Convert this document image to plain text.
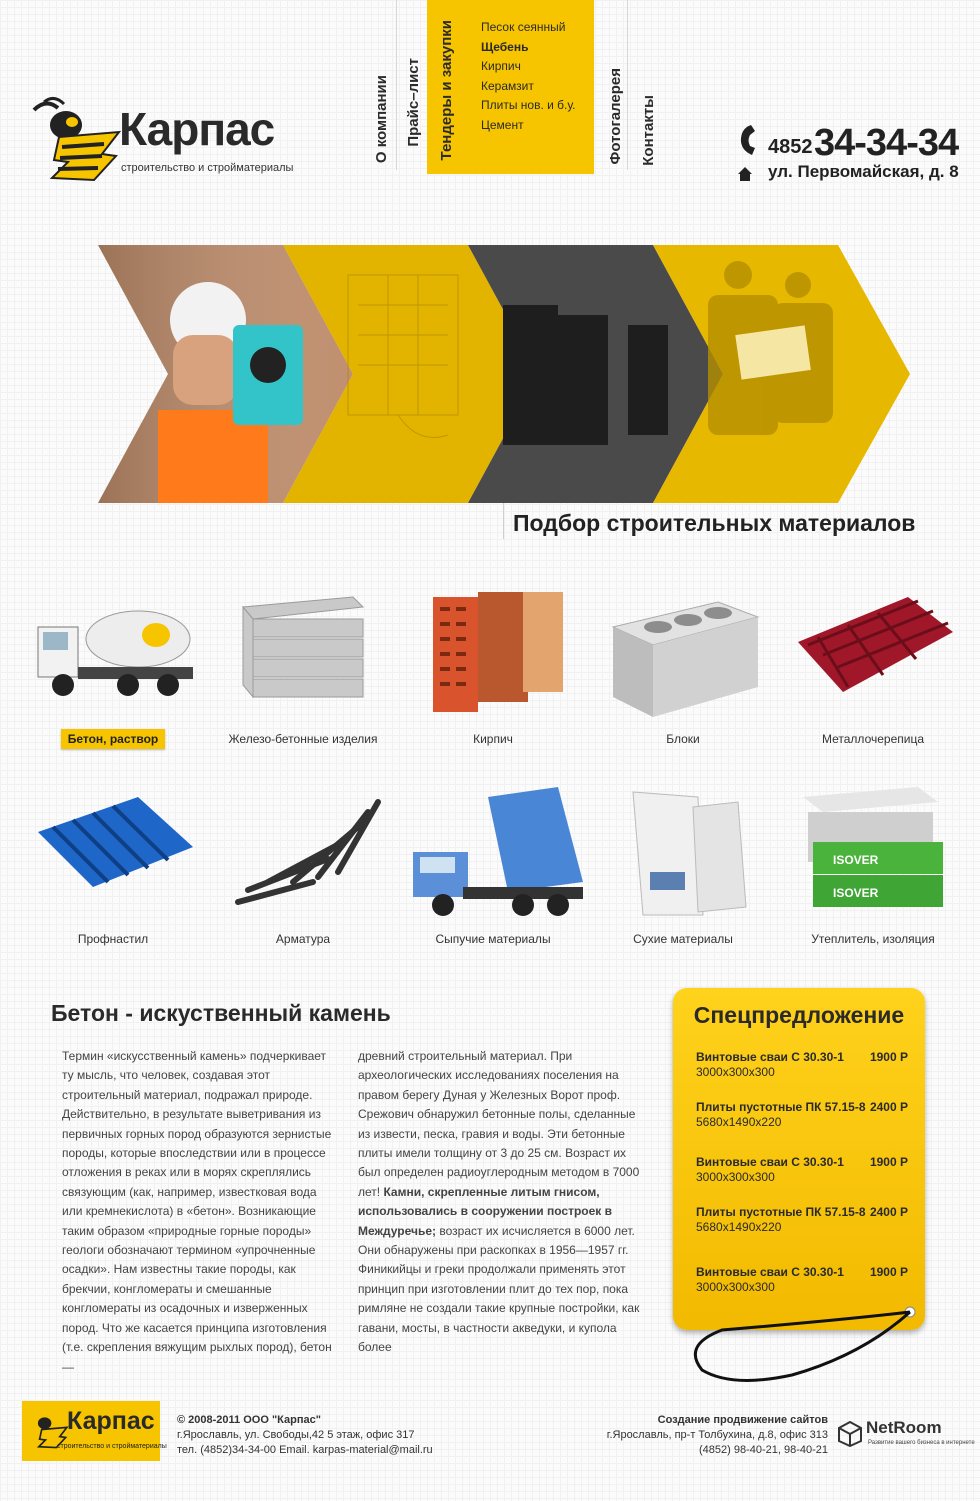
Карпас
строительство и стройматериалы
О компании Прайс–лист Тендеры и закупки Песок сеянный
Щебень
Кирпич
Керамзит
Плиты нов. и б.у.
Цемент	Фотогалерея Контакты	4852 34-34-34
ул. Первомайская, д. 8
Подбор строительных материалов
Бетон, раствор	Железо-бетонные изделия	Кирпич	Блоки	Металлочерепица
Профнастил	Арматура	Сыпучие материалы	Сухие материалы
ISOVER
ISOVER
Утеплитель, изоляция
Бетон - искуственный камень
Термин «искусственный камень» подчеркивает ту мысль, что человек, создавая этот строительный материал, подражал природе. Действительно, в результате выветривания из первичных горных пород образуются зернистые породы, которые впоследствии или в процессе отложения в реках или в морях скреплялись связующим (как, например, известковая вода или кремнекислота) в «бетон». Возникающие таким образом «природные горные породы» геологи обозначают термином «упрочненные осадки». Нам известны такие породы, как брекчии, конгломераты и смешанные конгломераты из осадочных и изверженных пород. Что же касается принципа изготовления (т.е. скрепления вяжущим рыхлых пород), бетон —
древний строительный материал. При археологических исследованиях поселения на правом берегу Дуная у Железных Ворот проф. Срежович обнаружил бетонные полы, сделанные из извести, песка, гравия и воды. Эти бетонные плиты имели толщину от 3 до 25 см. Возраст их был определен радиоуглеродным методом в 7000 лет! Камни, скрепленные литым гнисом, использовались в сооружении построек в Междуречье; возраст их исчисляется в 6000 лет. Они обнаружены при раскопках в 1956—1957 гг. Финикийцы и греки продолжали применять этот принцип при изготовлении плит до тех пор, пока римляне не создали такие крупные постройки, как гавани, мосты, в частности акведуки, и купола более
Спецпредложение
Винтовые сваи С 30.30-1 1900 Р
3000х300х300
Плиты пустотные ПК 57.15-8 2400 Р
5680х1490х220
Винтовые сваи С 30.30-1 1900 Р
3000х300х300
Плиты пустотные ПК 57.15-8 2400 Р
5680х1490х220
Винтовые сваи С 30.30-1 1900 Р
3000х300х300
Карпас
строительство и стройматериалы
© 2008-2011 ООО "Карпас"
г.Ярославль, ул. Свободы,42 5 этаж, офис 317
тел. (4852)34-34-00 Email. karpas-material@mail.ru
Создание продвижение сайтов
г.Ярославль, пр-т Толбухина, д.8, офис 313
(4852) 98-40-21, 98-40-21
NetRoom
Развитие вашего бизнеса в интернете
